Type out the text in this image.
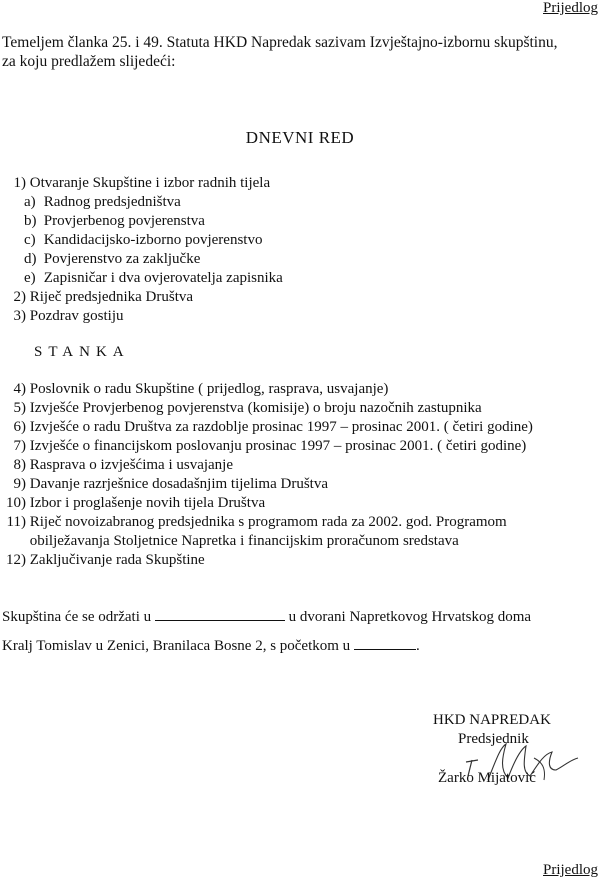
Prijedlog
Temeljem članka 25. i 49. Statuta HKD Napredak sazivam Izvještajno-izbornu skupštinu,
za koju predlažem slijedeći:
DNEVNI RED
1) Otvaranje Skupštine i izbor radnih tijela
a) Radnog predsjedništva
b) Provjerbenog povjerenstva
c) Kandidacijsko-izborno povjerenstvo
d) Povjerenstvo za zaključke
e) Zapisničar i dva ovjerovatelja zapisnika
2) Riječ predsjednika Društva
3) Pozdrav gostiju
STANKA
4) Poslovnik o radu Skupštine ( prijedlog, rasprava, usvajanje)
5) Izvješće Provjerbenog povjerenstva (komisije) o broju nazočnih zastupnika
6) Izvješće o radu Društva za razdoblje prosinac 1997 – prosinac 2001. ( četiri godine)
7) Izvješće o financijskom poslovanju prosinac 1997 – prosinac 2001. ( četiri godine)
8) Rasprava o izvješćima i usvajanje
9) Davanje razrješnice dosadašnjim tijelima Društva
10) Izbor i proglašenje novih tijela Društva
11) Riječ novoizabranog predsjednika s programom rada za 2002. god. Programom
obilježavanja Stoljetnice Napretka i financijskim proračunom sredstava
12) Zaključivanje rada Skupštine
Skupština će se održati u	u dvorani Napretkovog Hrvatskog doma
Kralj Tomislav u Zenici, Branilaca Bosne 2, s početkom u	.
HKD NAPREDAK
Predsjednik
Žarko Mijatović
Prijedlog
